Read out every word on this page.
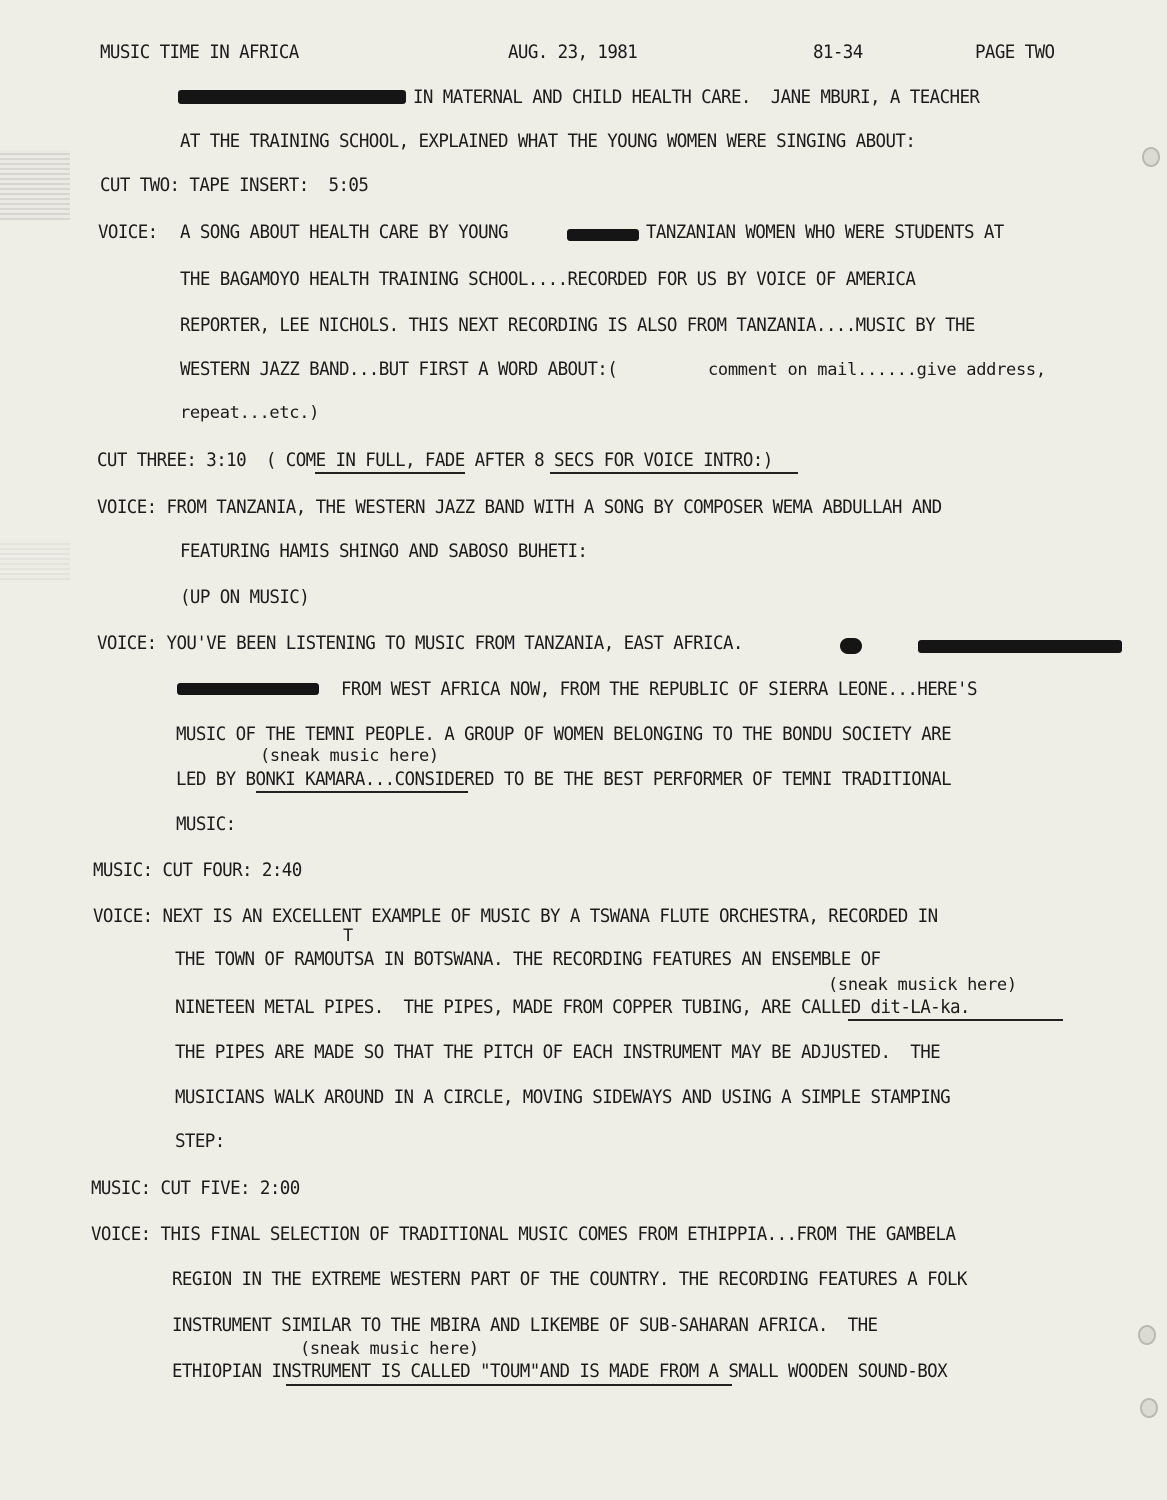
MUSIC TIME IN AFRICA	AUG. 23, 1981	81-34	PAGE TWO
IN MATERNAL AND CHILD HEALTH CARE.  JANE MBURI, A TEACHER
AT THE TRAINING SCHOOL, EXPLAINED WHAT THE YOUNG WOMEN WERE SINGING ABOUT:
CUT TWO: TAPE INSERT:  5:05
VOICE: A SONG ABOUT HEALTH CARE BY YOUNG	TANZANIAN WOMEN WHO WERE STUDENTS AT
THE BAGAMOYO HEALTH TRAINING SCHOOL....RECORDED FOR US BY VOICE OF AMERICA
REPORTER, LEE NICHOLS. THIS NEXT RECORDING IS ALSO FROM TANZANIA....MUSIC BY THE
WESTERN JAZZ BAND...BUT FIRST A WORD ABOUT:(	comment on mail......give address,
repeat...etc.)
CUT THREE: 3:10  ( COME IN FULL, FADE AFTER 8 SECS FOR VOICE INTRO:)
VOICE: FROM TANZANIA, THE WESTERN JAZZ BAND WITH A SONG BY COMPOSER WEMA ABDULLAH AND
FEATURING HAMIS SHINGO AND SABOSO BUHETI:
(UP ON MUSIC)
VOICE: YOU'VE BEEN LISTENING TO MUSIC FROM TANZANIA, EAST AFRICA.
FROM WEST AFRICA NOW, FROM THE REPUBLIC OF SIERRA LEONE...HERE'S
MUSIC OF THE TEMNI PEOPLE. A GROUP OF WOMEN BELONGING TO THE BONDU SOCIETY ARE
(sneak music here)
LED BY BONKI KAMARA...CONSIDERED TO BE THE BEST PERFORMER OF TEMNI TRADITIONAL
MUSIC:
MUSIC: CUT FOUR: 2:40
VOICE: NEXT IS AN EXCELLENT EXAMPLE OF MUSIC BY A TSWANA FLUTE ORCHESTRA, RECORDED IN
T
THE TOWN OF RAMOUTSA IN BOTSWANA. THE RECORDING FEATURES AN ENSEMBLE OF
(sneak musick here)
NINETEEN METAL PIPES.  THE PIPES, MADE FROM COPPER TUBING, ARE CALLED dit-LA-ka.
THE PIPES ARE MADE SO THAT THE PITCH OF EACH INSTRUMENT MAY BE ADJUSTED.  THE
MUSICIANS WALK AROUND IN A CIRCLE, MOVING SIDEWAYS AND USING A SIMPLE STAMPING
STEP:
MUSIC: CUT FIVE: 2:00
VOICE: THIS FINAL SELECTION OF TRADITIONAL MUSIC COMES FROM ETHIPPIA...FROM THE GAMBELA
REGION IN THE EXTREME WESTERN PART OF THE COUNTRY. THE RECORDING FEATURES A FOLK
INSTRUMENT SIMILAR TO THE MBIRA AND LIKEMBE OF SUB-SAHARAN AFRICA.  THE
(sneak music here)
ETHIOPIAN INSTRUMENT IS CALLED "TOUM"AND IS MADE FROM A SMALL WOODEN SOUND-BOX
